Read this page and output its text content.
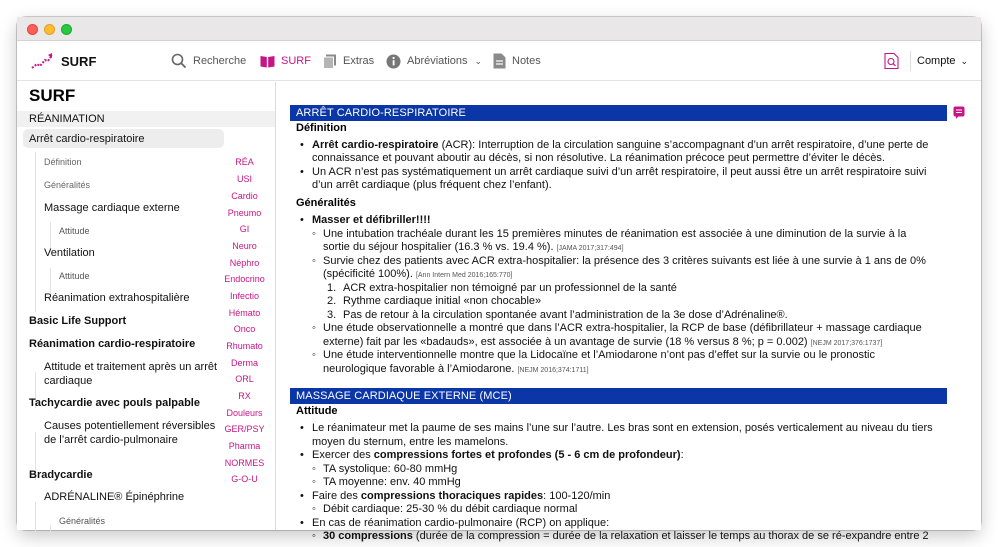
SURF	Recherche	SURF	Extras	Abréviations ⌄	Notes	Compte ⌄
SURF
RÉANIMATION
Arrêt cardio-respiratoire
Définition
Généralités
Massage cardiaque externe
Attitude
Ventilation
Attitude
Réanimation extrahospitalière
Basic Life Support
Réanimation cardio-respiratoire
Attitude et traitement après un arrêt cardiaque
Tachycardie avec pouls palpable
Causes potentiellement réversibles de l’arrêt cardio-pulmonaire
Bradycardie
ADRÉNALINE® Épinéphrine
Généralités
RÉA
USI
Cardio
Pneumo
GI
Neuro
Néphro
Endocrino
Infectio
Hémato
Onco
Rhumato
Derma
ORL
RX
Douleurs
GER/PSY
Pharma
NORMES
G-O-U
ARRÊT CARDIO-RESPIRATOIRE
Définition
• Arrêt cardio-respiratoire (ACR): Interruption de la circulation sanguine s’accompagnant d’un arrêt respiratoire, d’une perte de
connaissance et pouvant aboutir au décès, si non résolutive. La réanimation précoce peut permettre d’éviter le décès.
• Un ACR n’est pas systématiquement un arrêt cardiaque suivi d’un arrêt respiratoire, il peut aussi être un arrêt respiratoire suivi
d’un arrêt cardiaque (plus fréquent chez l’enfant).
Généralités
• Masser et défibriller!!!!
◦ Une intubation trachéale durant les 15 premières minutes de réanimation est associée à une diminution de la survie à la
sortie du séjour hospitalier (16.3 % vs. 19.4 %). [JAMA 2017;317:494]
◦ Survie chez des patients avec ACR extra-hospitalier: la présence des 3 critères suivants est liée à une survie à 1 ans de 0%
(spécificité 100%). [Ann Intern Med 2016;165:770]
1. ACR extra-hospitalier non témoigné par un professionnel de la santé
2. Rythme cardiaque initial «non chocable»
3. Pas de retour à la circulation spontanée avant l’administration de la 3e dose d’Adrénaline®.
◦ Une étude observationnelle a montré que dans l’ACR extra-hospitalier, la RCP de base (défibrillateur + massage cardiaque
externe) fait par les «badauds», est associée à un avantage de survie (18 % versus 8 %; p = 0.002) [NEJM 2017;376:1737]
◦ Une étude interventionnelle montre que la Lidocaïne et l’Amiodarone n’ont pas d’effet sur la survie ou le pronostic
neurologique favorable à l’Amiodarone. [NEJM 2016;374:1711]
MASSAGE CARDIAQUE EXTERNE (MCE)
Attitude
• Le réanimateur met la paume de ses mains l’une sur l’autre. Les bras sont en extension, posés verticalement au niveau du tiers
moyen du sternum, entre les mamelons.
• Exercer des compressions fortes et profondes (5 - 6 cm de profondeur):
◦ TA systolique: 60-80 mmHg
◦ TA moyenne: env. 40 mmHg
• Faire des compressions thoraciques rapides: 100-120/min
◦ Débit cardiaque: 25-30 % du débit cardiaque normal
• En cas de réanimation cardio-pulmonaire (RCP) on applique:
◦ 30 compressions (durée de la compression = durée de la relaxation et laisser le temps au thorax de se ré-expandre entre 2
